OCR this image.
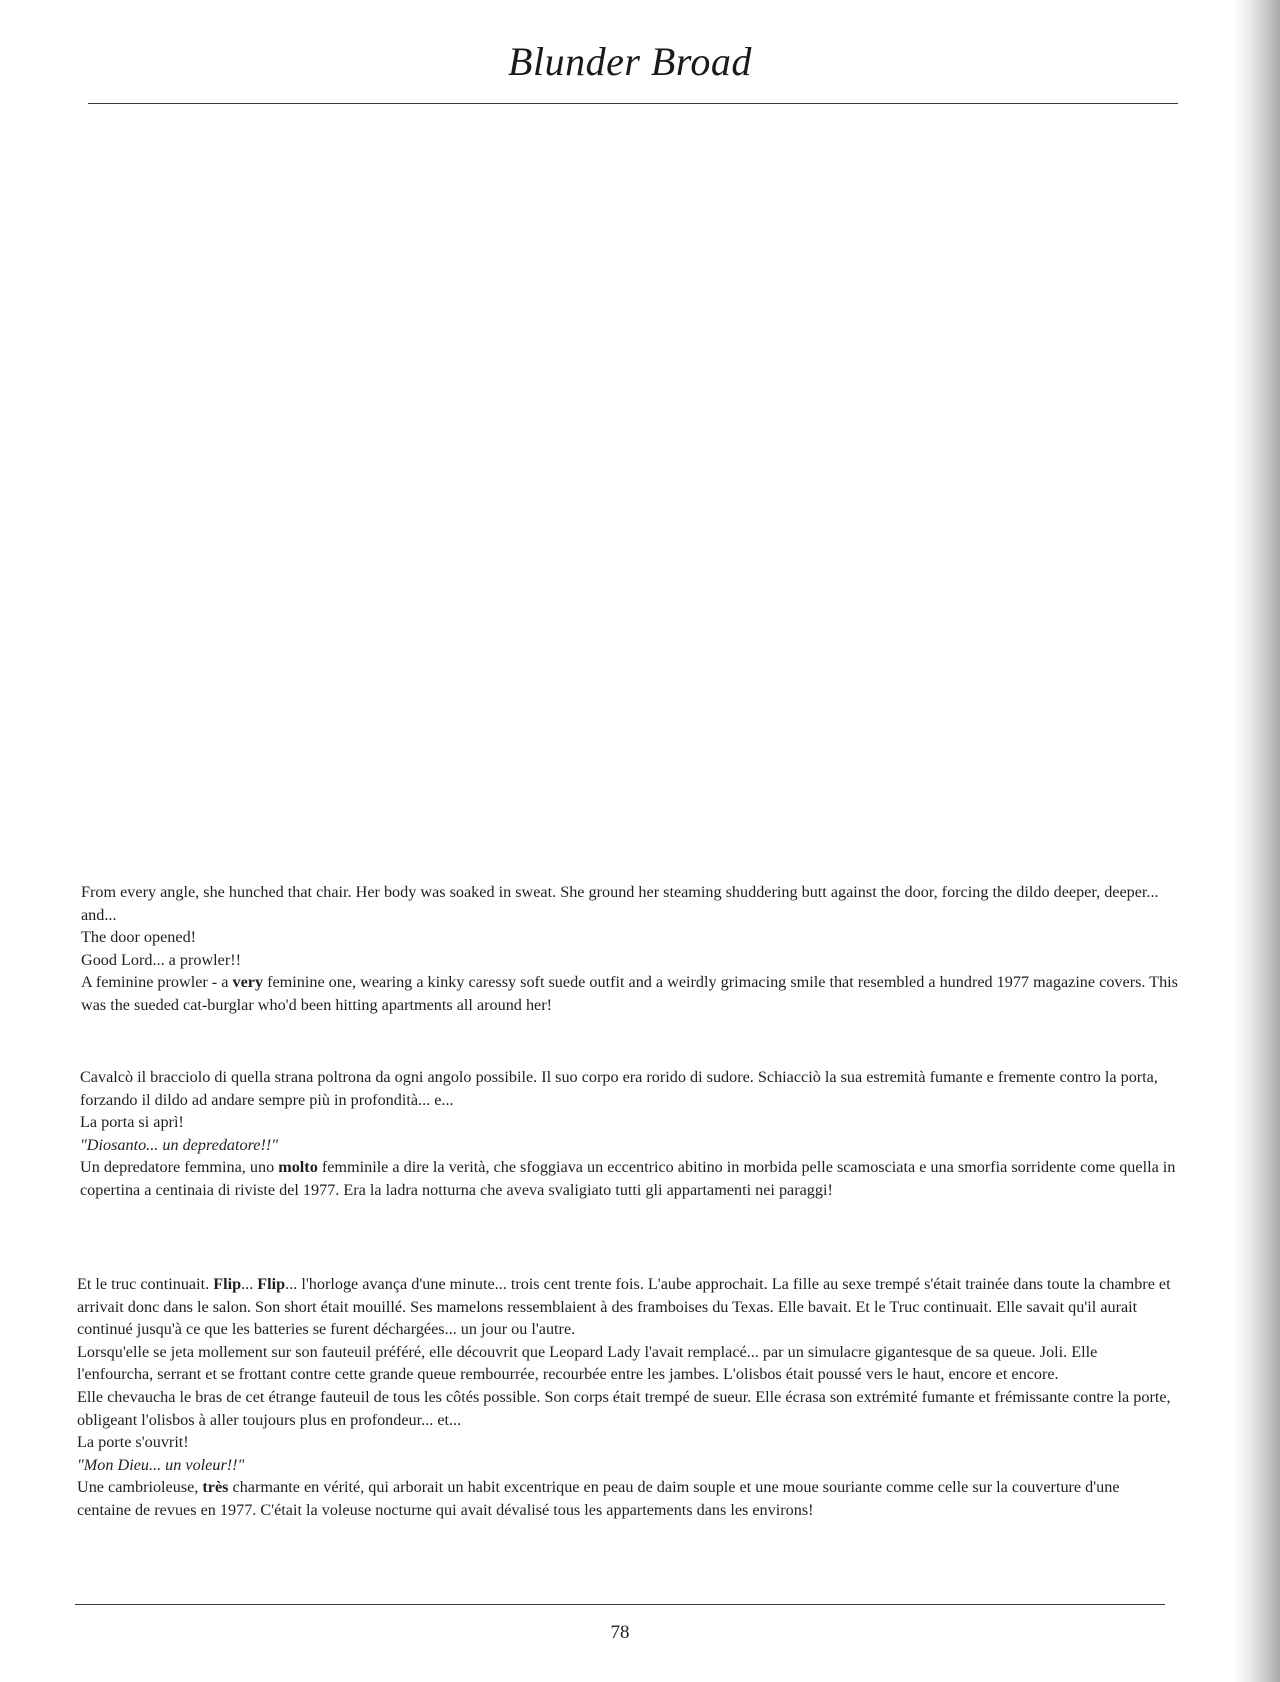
Blunder Broad

From every angle, she hunched that chair. Her body was soaked in sweat. She ground her steaming shuddering butt against the door, forcing the dildo deeper, deeper... and...

The door opened!

Good Lord... a prowler!!

A feminine prowler - a very feminine one, wearing a kinky caressy soft suede outfit and a weirdly grimacing smile that resembled a hundred 1977 magazine covers. This was the sueded cat-burglar who'd been hitting apartments all around her!

Cavalcò il bracciolo di quella strana poltrona da ogni angolo possibile. Il suo corpo era rorido di sudore. Schiacciò la sua estremità fumante e fremente contro la porta, forzando il dildo ad andare sempre più in profondità... e...

La porta si aprì!

"Diosanto... un depredatore!!"

Un depredatore femmina, uno molto femminile a dire la verità, che sfoggiava un eccentrico abitino in morbida pelle scamosciata e una smorfia sorridente come quella in copertina a centinaia di riviste del 1977. Era la ladra notturna che aveva svaligiato tutti gli appartamenti nei paraggi!

Et le truc continuait. Flip... Flip... l'horloge avança d'une minute... trois cent trente fois. L'aube approchait. La fille au sexe trempé s'était trainée dans toute la chambre et arrivait donc dans le salon. Son short était mouillé. Ses mamelons ressemblaient à des framboises du Texas. Elle bavait. Et le Truc continuait. Elle savait qu'il aurait continué jusqu'à ce que les batteries se furent déchargées... un jour ou l'autre.

Lorsqu'elle se jeta mollement sur son fauteuil préféré, elle découvrit que Leopard Lady l'avait remplacé... par un simulacre gigantesque de sa queue. Joli. Elle l'enfourcha, serrant et se frottant contre cette grande queue rembourrée, recourbée entre les jambes. L'olisbos était poussé vers le haut, encore et encore.

Elle chevaucha le bras de cet étrange fauteuil de tous les côtés possible. Son corps était trempé de sueur. Elle écrasa son extrémité fumante et frémissante contre la porte, obligeant l'olisbos à aller toujours plus en profondeur... et...

La porte s'ouvrit!

"Mon Dieu... un voleur!!"

Une cambrioleuse, très charmante en vérité, qui arborait un habit excentrique en peau de daim souple et une moue souriante comme celle sur la couverture d'une centaine de revues en 1977. C'était la voleuse nocturne qui avait dévalisé tous les appartements dans les environs!

78
